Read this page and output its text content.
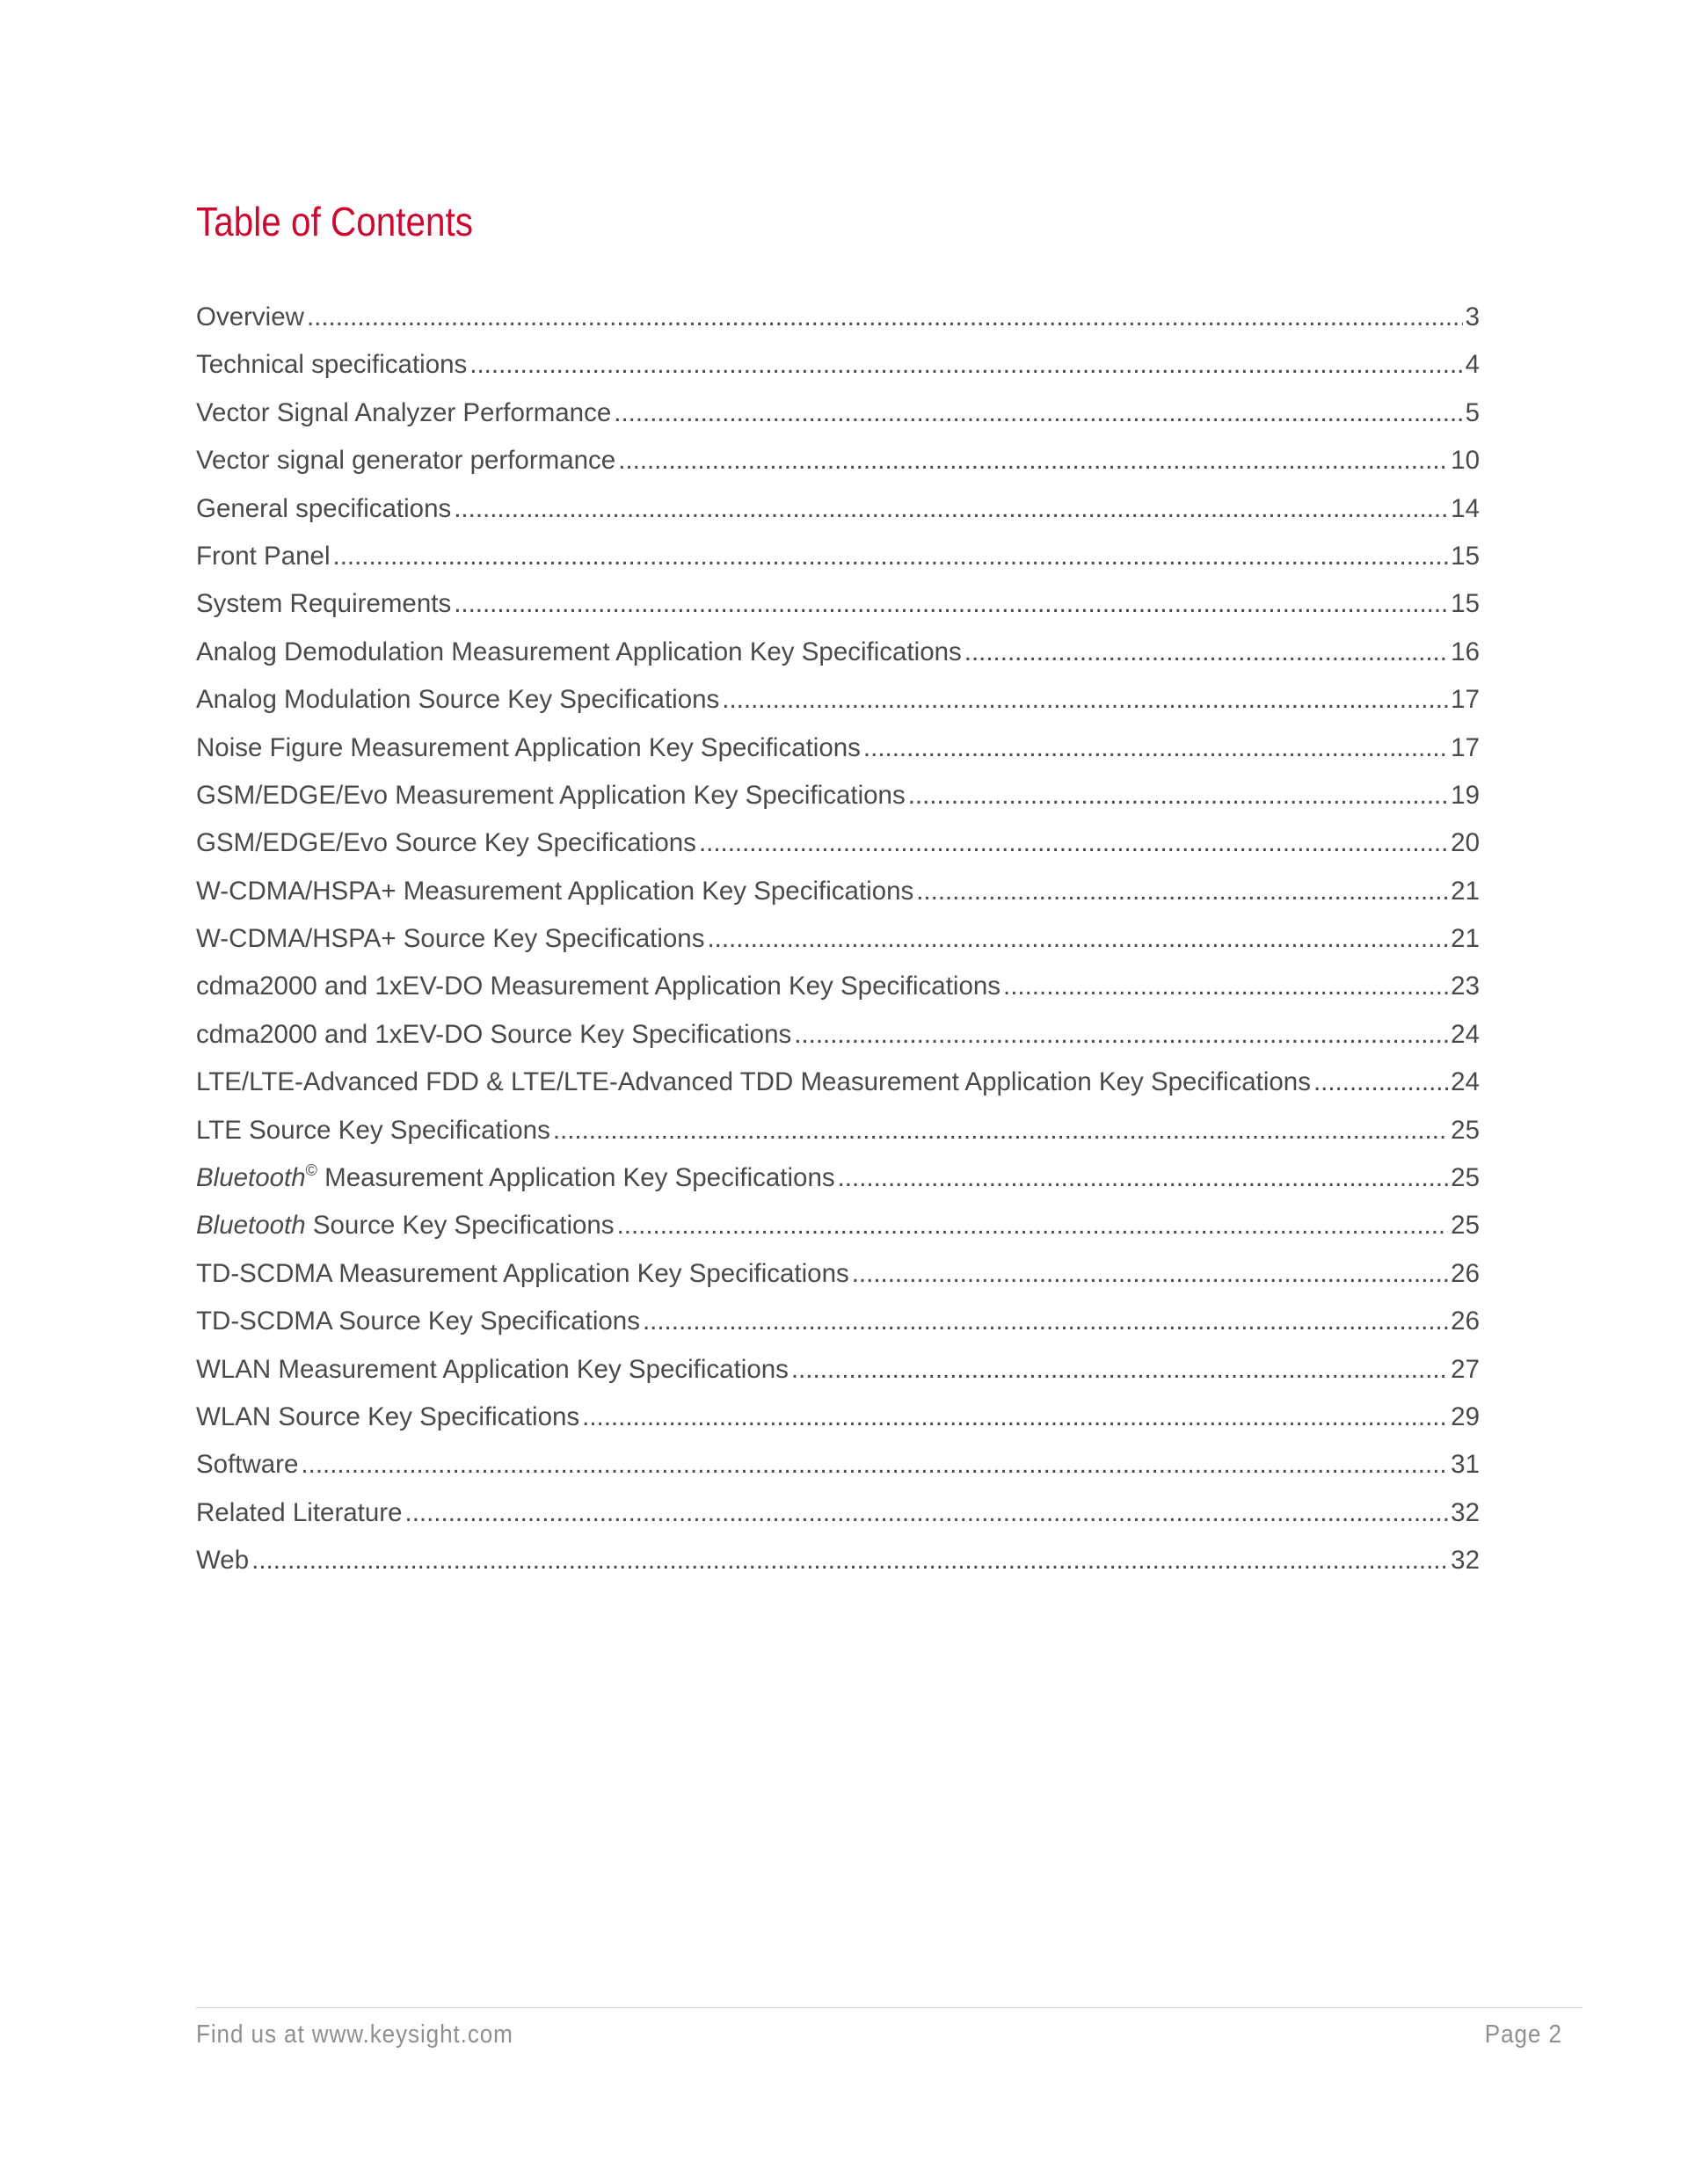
Table of Contents
Overview .....	3
Technical specifications .....	4
Vector Signal Analyzer Performance .....	5
Vector signal generator performance .....	10
General specifications .....	14
Front Panel .....	15
System Requirements .....	15
Analog Demodulation Measurement Application Key Specifications .....	16
Analog Modulation Source Key Specifications .....	17
Noise Figure Measurement Application Key Specifications .....	17
GSM/EDGE/Evo Measurement Application Key Specifications .....	19
GSM/EDGE/Evo Source Key Specifications .....	20
W-CDMA/HSPA+ Measurement Application Key Specifications .....	21
W-CDMA/HSPA+ Source Key Specifications .....	21
cdma2000 and 1xEV-DO Measurement Application Key Specifications .....	23
cdma2000 and 1xEV-DO Source Key Specifications .....	24
LTE/LTE-Advanced FDD & LTE/LTE-Advanced TDD Measurement Application Key Specifications .....	24
LTE Source Key Specifications .....	25
Bluetooth© Measurement Application Key Specifications .....	25
Bluetooth Source Key Specifications .....	25
TD-SCDMA Measurement Application Key Specifications .....	26
TD-SCDMA Source Key Specifications .....	26
WLAN Measurement Application Key Specifications .....	27
WLAN Source Key Specifications .....	29
Software .....	31
Related Literature .....	32
Web .....	32
Find us at www.keysight.com	Page 2
